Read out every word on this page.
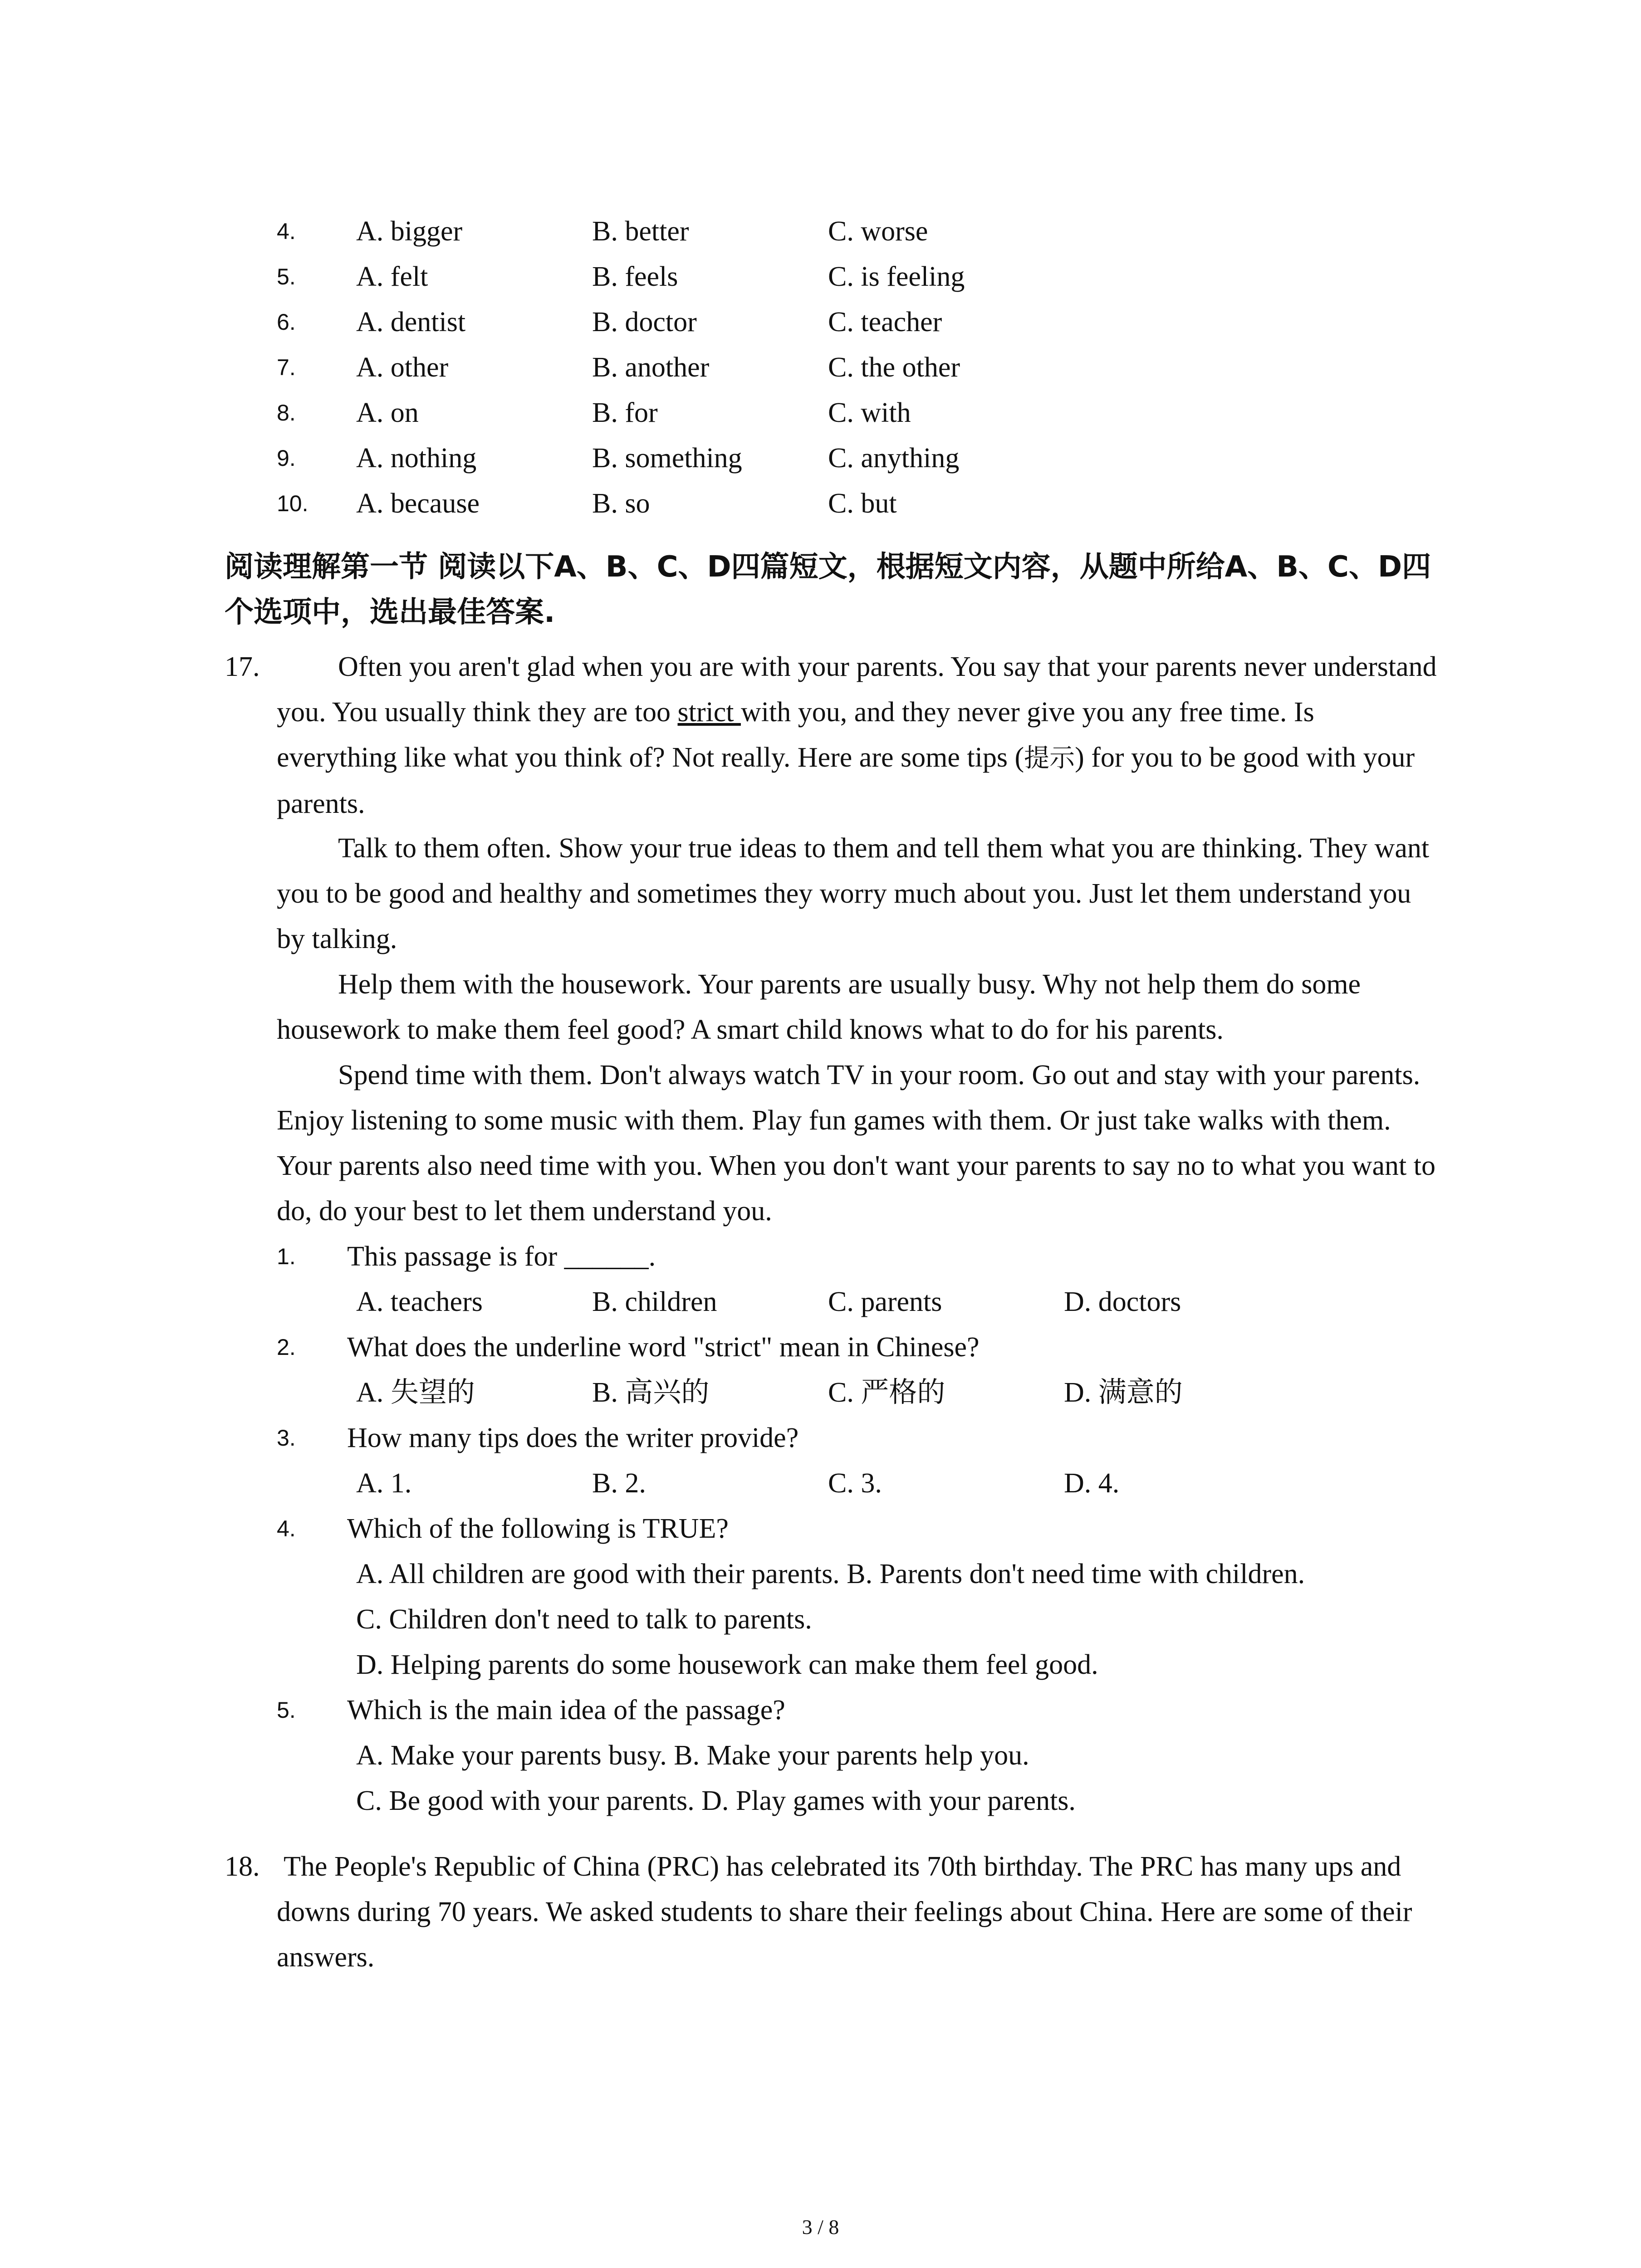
4. A. bigger	B. better	C. worse
5. A. felt	B. feels	C. is feeling
6. A. dentist	B. doctor	C. teacher
7. A. other	B. another	C. the other
8. A. on	B. for	C. with
9. A. nothing	B. something	C. anything
10. A. because	B. so	C. but
阅读理解第一节 阅读以下A、B、C、D四篇短文，根据短文内容，从题中所给A、B、C、D四个选项中，选出最佳答案.
17.	Often you aren't glad when you are with your parents. You say that your parents never understand you. You usually think they are too strict with you, and they never give you any free time. Is everything like what you think of? Not really. Here are some tips (提示) for you to be good with your parents.
Talk to them often. Show your true ideas to them and tell them what you are thinking. They want you to be good and healthy and sometimes they worry much about you. Just let them understand you by talking.
Help them with the housework. Your parents are usually busy. Why not help them do some housework to make them feel good? A smart child knows what to do for his parents.
Spend time with them. Don't always watch TV in your room. Go out and stay with your parents. Enjoy listening to some music with them. Play fun games with them. Or just take walks with them. Your parents also need time with you. When you don't want your parents to say no to what you want to do, do your best to let them understand you.
1. This passage is for ______.
A. teachers	B. children	C. parents	D. doctors
2. What does the underline word "strict" mean in Chinese?
A. 失望的	B. 高兴的	C. 严格的	D. 满意的
3. How many tips does the writer provide?
A. 1.	B. 2.	C. 3.	D. 4.
4. Which of the following is TRUE?
A. All children are good with their parents. B. Parents don't need time with children.
C. Children don't need to talk to parents.
D. Helping parents do some housework can make them feel good.
5. Which is the main idea of the passage?
A. Make your parents busy. B. Make your parents help you.
C. Be good with your parents. D. Play games with your parents.
18. The People's Republic of China (PRC) has celebrated its 70th birthday. The PRC has many ups and downs during 70 years. We asked students to share their feelings about China. Here are some of their answers.
3 / 8
